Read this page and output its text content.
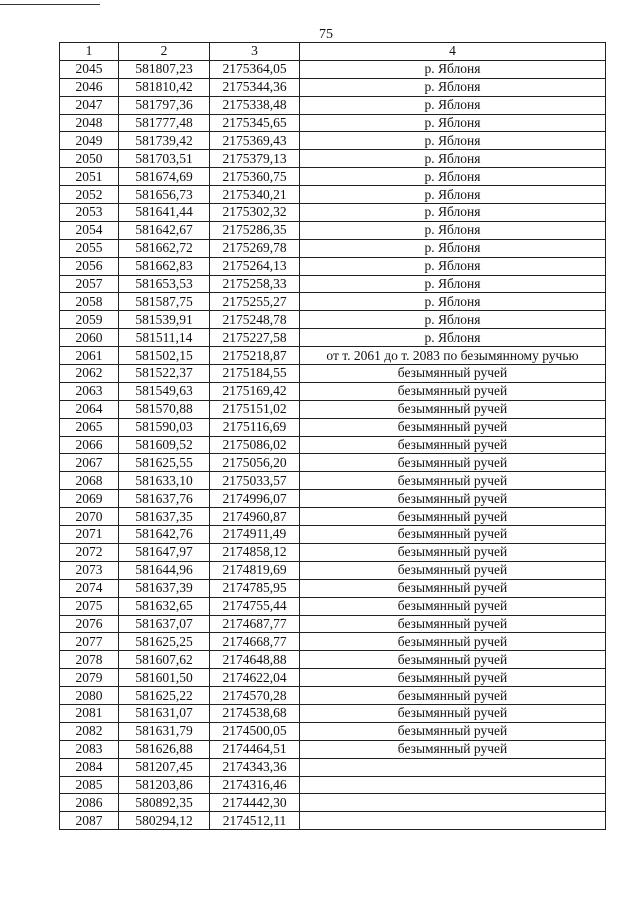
75
1	2	3	4
2045	581807,23	2175364,05	р. Яблоня
2046	581810,42	2175344,36	р. Яблоня
2047	581797,36	2175338,48	р. Яблоня
2048	581777,48	2175345,65	р. Яблоня
2049	581739,42	2175369,43	р. Яблоня
2050	581703,51	2175379,13	р. Яблоня
2051	581674,69	2175360,75	р. Яблоня
2052	581656,73	2175340,21	р. Яблоня
2053	581641,44	2175302,32	р. Яблоня
2054	581642,67	2175286,35	р. Яблоня
2055	581662,72	2175269,78	р. Яблоня
2056	581662,83	2175264,13	р. Яблоня
2057	581653,53	2175258,33	р. Яблоня
2058	581587,75	2175255,27	р. Яблоня
2059	581539,91	2175248,78	р. Яблоня
2060	581511,14	2175227,58	р. Яблоня
2061	581502,15	2175218,87	от т. 2061 до т. 2083 по безымянному ручью
2062	581522,37	2175184,55	безымянный ручей
2063	581549,63	2175169,42	безымянный ручей
2064	581570,88	2175151,02	безымянный ручей
2065	581590,03	2175116,69	безымянный ручей
2066	581609,52	2175086,02	безымянный ручей
2067	581625,55	2175056,20	безымянный ручей
2068	581633,10	2175033,57	безымянный ручей
2069	581637,76	2174996,07	безымянный ручей
2070	581637,35	2174960,87	безымянный ручей
2071	581642,76	2174911,49	безымянный ручей
2072	581647,97	2174858,12	безымянный ручей
2073	581644,96	2174819,69	безымянный ручей
2074	581637,39	2174785,95	безымянный ручей
2075	581632,65	2174755,44	безымянный ручей
2076	581637,07	2174687,77	безымянный ручей
2077	581625,25	2174668,77	безымянный ручей
2078	581607,62	2174648,88	безымянный ручей
2079	581601,50	2174622,04	безымянный ручей
2080	581625,22	2174570,28	безымянный ручей
2081	581631,07	2174538,68	безымянный ручей
2082	581631,79	2174500,05	безымянный ручей
2083	581626,88	2174464,51	безымянный ручей
2084	581207,45	2174343,36	
2085	581203,86	2174316,46	
2086	580892,35	2174442,30	
2087	580294,12	2174512,11	
